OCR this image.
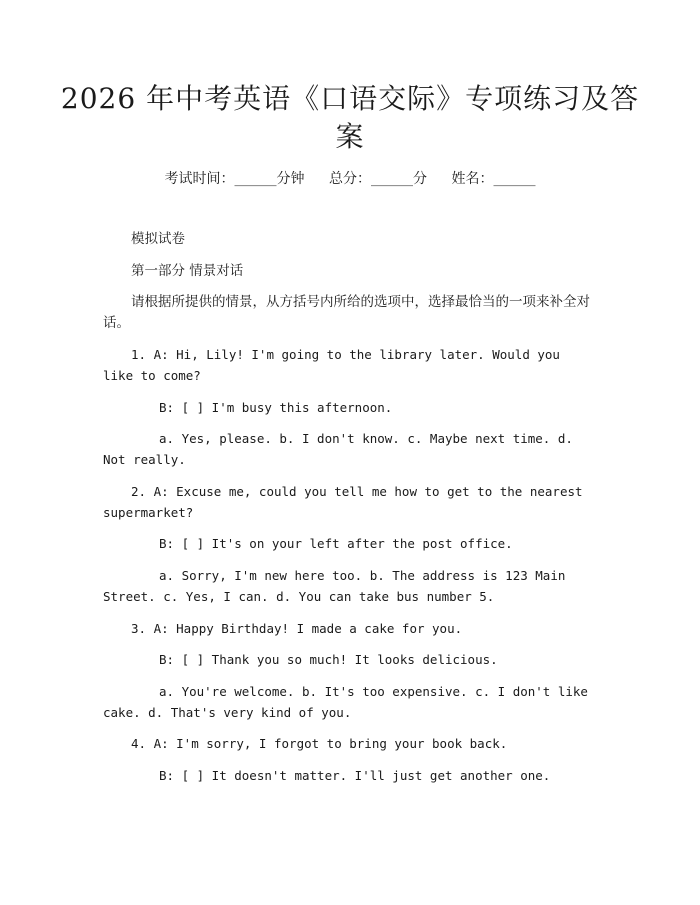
2026 年中考英语《口语交际》专项练习及答
案
考试时间：______分钟 总分：______分 姓名：______
模拟试卷
第一部分 情景对话
请根据所提供的情景，从方括号内所给的选项中，选择最恰当的一项来补全对话。
1. A: Hi, Lily! I'm going to the library later. Would you like to come?
B: [ ] I'm busy this afternoon.
a. Yes, please. b. I don't know. c. Maybe next time. d. Not really.
2. A: Excuse me, could you tell me how to get to the nearest supermarket?
B: [ ] It's on your left after the post office.
a. Sorry, I'm new here too. b. The address is 123 Main Street. c. Yes, I can. d. You can take bus number 5.
3. A: Happy Birthday! I made a cake for you.
B: [ ] Thank you so much! It looks delicious.
a. You're welcome. b. It's too expensive. c. I don't like cake. d. That's very kind of you.
4. A: I'm sorry, I forgot to bring your book back.
B: [ ] It doesn't matter. I'll just get another one.
